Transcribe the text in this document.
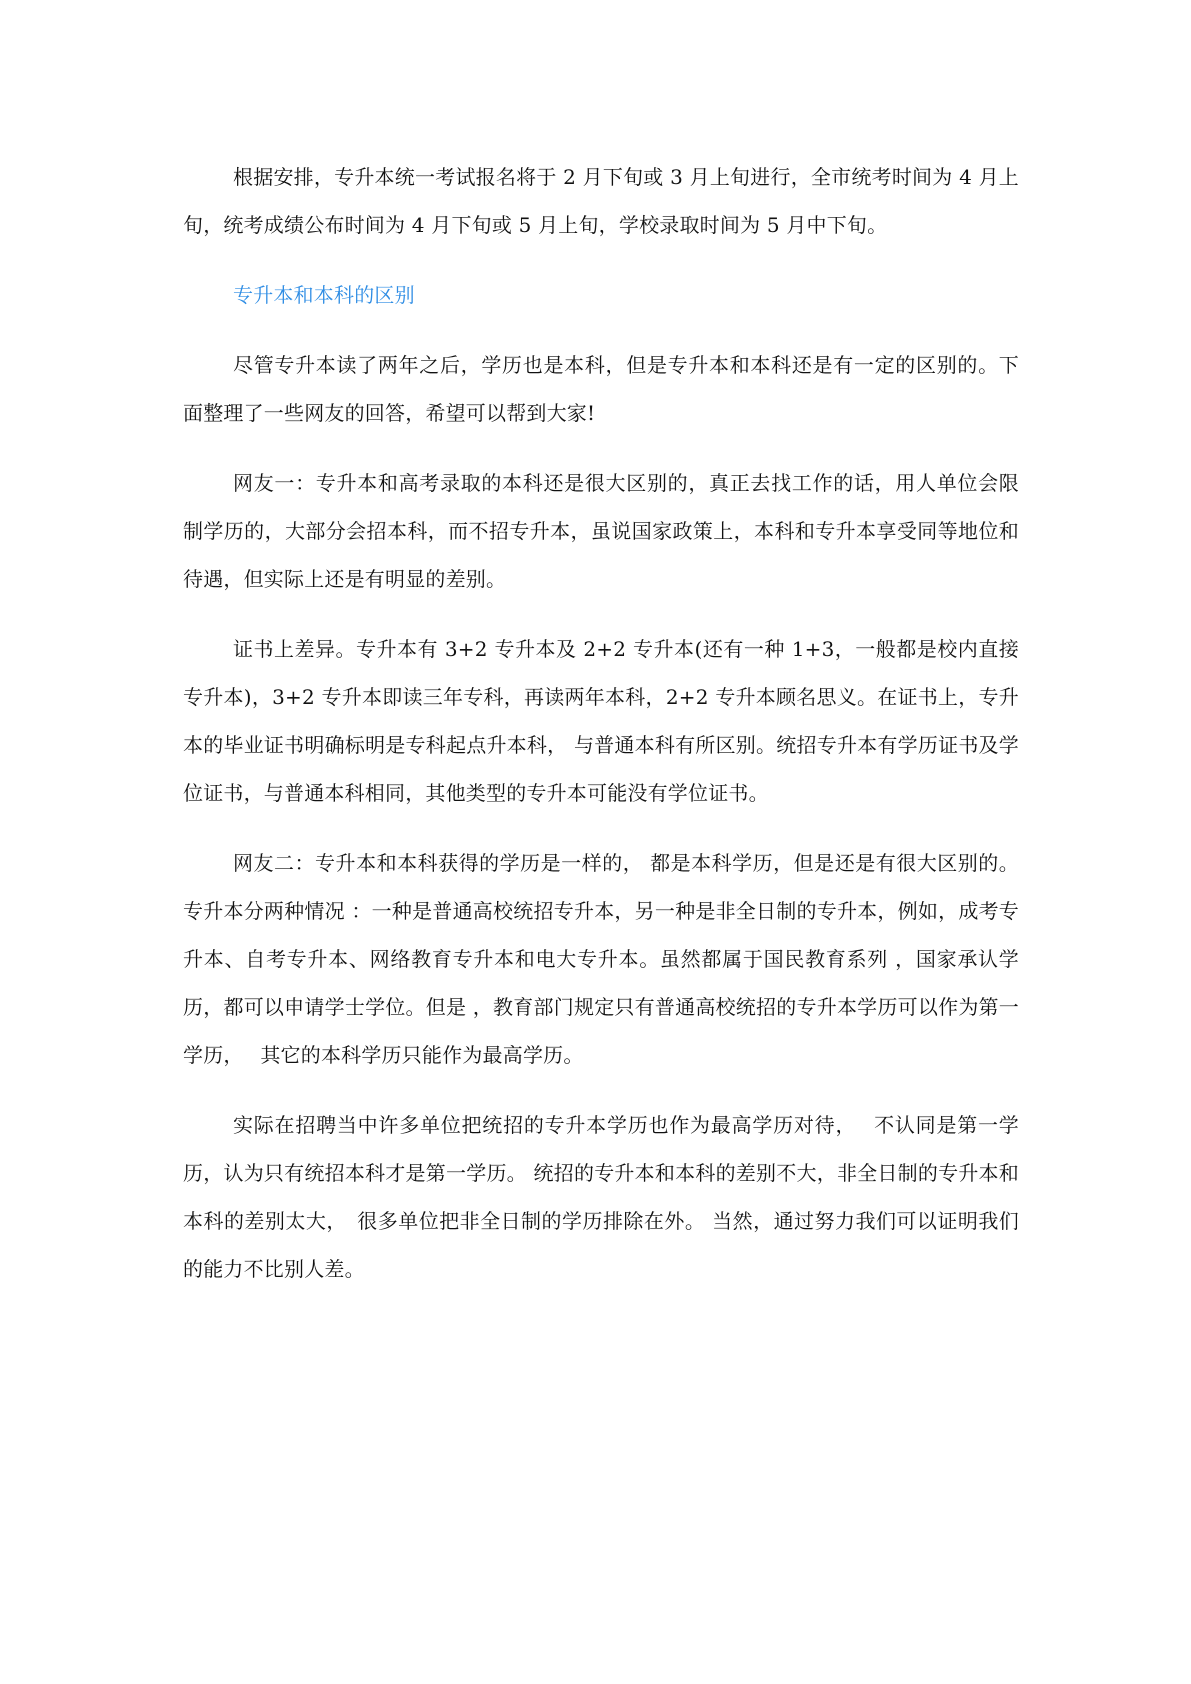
根据安排，专升本统一考试报名将于 2 月下旬或 3 月上旬进行，全市统考时间为 4 月上旬，统考成绩公布时间为 4 月下旬或 5 月上旬，学校录取时间为 5 月中下旬。

专升本和本科的区别

尽管专升本读了两年之后，学历也是本科，但是专升本和本科还是有一定的区别的。下面整理了一些网友的回答，希望可以帮到大家!

网友一：专升本和高考录取的本科还是很大区别的，真正去找工作的话，用人单位会限制学历的，大部分会招本科，而不招专升本，虽说国家政策上，本科和专升本享受同等地位和待遇，但实际上还是有明显的差别。

证书上差异。专升本有 3+2 专升本及 2+2 专升本(还有一种 1+3，一般都是校内直接专升本)，3+2 专升本即读三年专科，再读两年本科，2+2 专升本顾名思义。在证书上，专升本的毕业证书明确标明是专科起点升本科， 与普通本科有所区别。统招专升本有学历证书及学位证书，与普通本科相同，其他类型的专升本可能没有学位证书。

网友二：专升本和本科获得的学历是一样的， 都是本科学历，但是还是有很大区别的。专升本分两种情况 ：一种是普通高校统招专升本，另一种是非全日制的专升本，例如，成考专升本、自考专升本、网络教育专升本和电大专升本。虽然都属于国民教育系列 ，国家承认学历，都可以申请学士学位。但是 ，教育部门规定只有普通高校统招的专升本学历可以作为第一学历，　 其它的本科学历只能作为最高学历。

实际在招聘当中许多单位把统招的专升本学历也作为最高学历对待，　 不认同是第一学历，认为只有统招本科才是第一学历。 统招的专升本和本科的差别不大，非全日制的专升本和本科的差别太大，　很多单位把非全日制的学历排除在外。 当然，通过努力我们可以证明我们的能力不比别人差。
